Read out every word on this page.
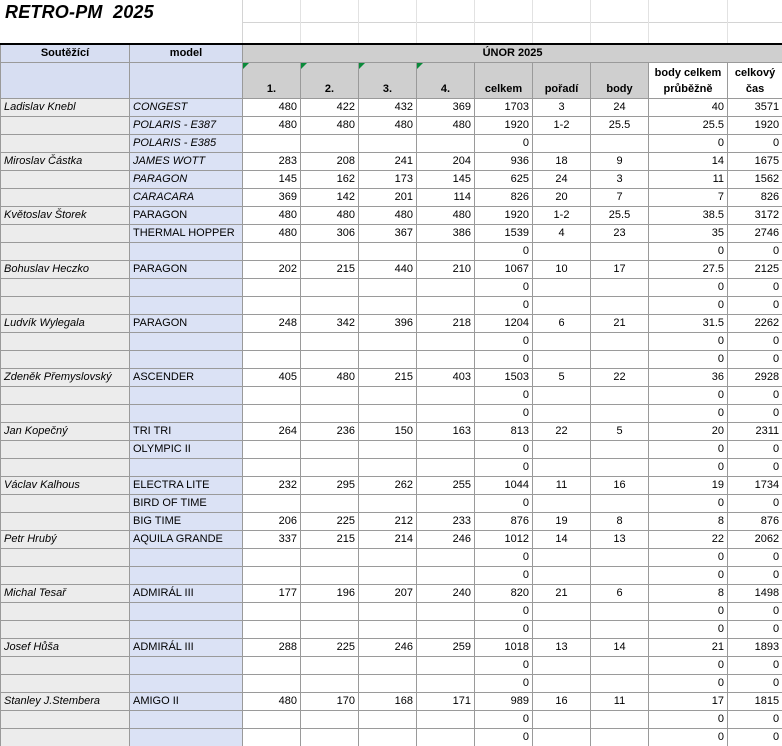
RETRO-PM  2025
Soutěžící	model	ÚNOR 2025								

1.	2.	3.	4.	celkem	pořadí	body	body celkem průběžně	celkový čas
Ladislav Knebl	CONGEST	480	422	432	369	1703	3	24	40	3571
	POLARIS - E387	480	480	480	480	1920	1-2	25.5	25.5	1920
	POLARIS - E385					0			0	0
Miroslav Částka	JAMES WOTT	283	208	241	204	936	18	9	14	1675
	PARAGON	145	162	173	145	625	24	3	11	1562
	CARACARA	369	142	201	114	826	20	7	7	826
Květoslav Štorek	PARAGON	480	480	480	480	1920	1-2	25.5	38.5	3172
	THERMAL HOPPER	480	306	367	386	1539	4	23	35	2746
						0			0	0
Bohuslav Heczko	PARAGON	202	215	440	210	1067	10	17	27.5	2125
						0			0	0
						0			0	0
Ludvík Wylegala	PARAGON	248	342	396	218	1204	6	21	31.5	2262
						0			0	0
						0			0	0
Zdeněk Přemyslovský	ASCENDER	405	480	215	403	1503	5	22	36	2928
						0			0	0
						0			0	0
Jan Kopečný	TRI TRI	264	236	150	163	813	22	5	20	2311
	OLYMPIC II					0			0	0
						0			0	0
Václav Kalhous	ELECTRA LITE	232	295	262	255	1044	11	16	19	1734
	BIRD OF TIME					0			0	0
	BIG TIME	206	225	212	233	876	19	8	8	876
Petr Hrubý	AQUILA GRANDE	337	215	214	246	1012	14	13	22	2062
						0			0	0
						0			0	0
Michal Tesař	ADMIRÁL III	177	196	207	240	820	21	6	8	1498
						0			0	0
						0			0	0
Josef Hůša	ADMIRÁL III	288	225	246	259	1018	13	14	21	1893
						0			0	0
						0			0	0
Stanley J.Stembera	AMIGO II	480	170	168	171	989	16	11	17	1815
						0			0	0
						0			0	0
